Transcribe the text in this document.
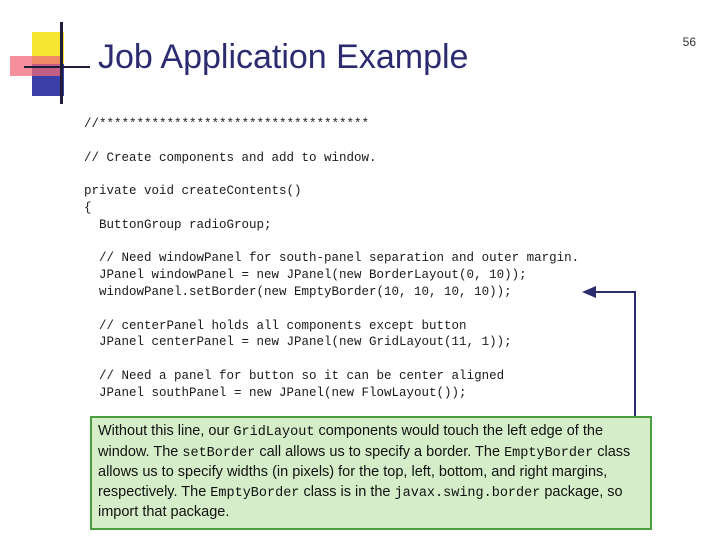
Job Application Example	56
//************************************
// Create components and add to window.
private void createContents()
{
ButtonGroup radioGroup;
// Need windowPanel for south-panel separation and outer margin.
JPanel windowPanel = new JPanel(new BorderLayout(0, 10));
windowPanel.setBorder(new EmptyBorder(10, 10, 10, 10));
// centerPanel holds all components except button
JPanel centerPanel = new JPanel(new GridLayout(11, 1));
// Need a panel for button so it can be center aligned
JPanel southPanel = new JPanel(new FlowLayout());
Without this line, our GridLayout components would touch the left edge of the window. The setBorder call allows us to specify a border. The EmptyBorder class allows us to specify widths (in pixels) for the top, left, bottom, and right margins, respectively. The EmptyBorder class is in the javax.swing.border package, so import that package.
